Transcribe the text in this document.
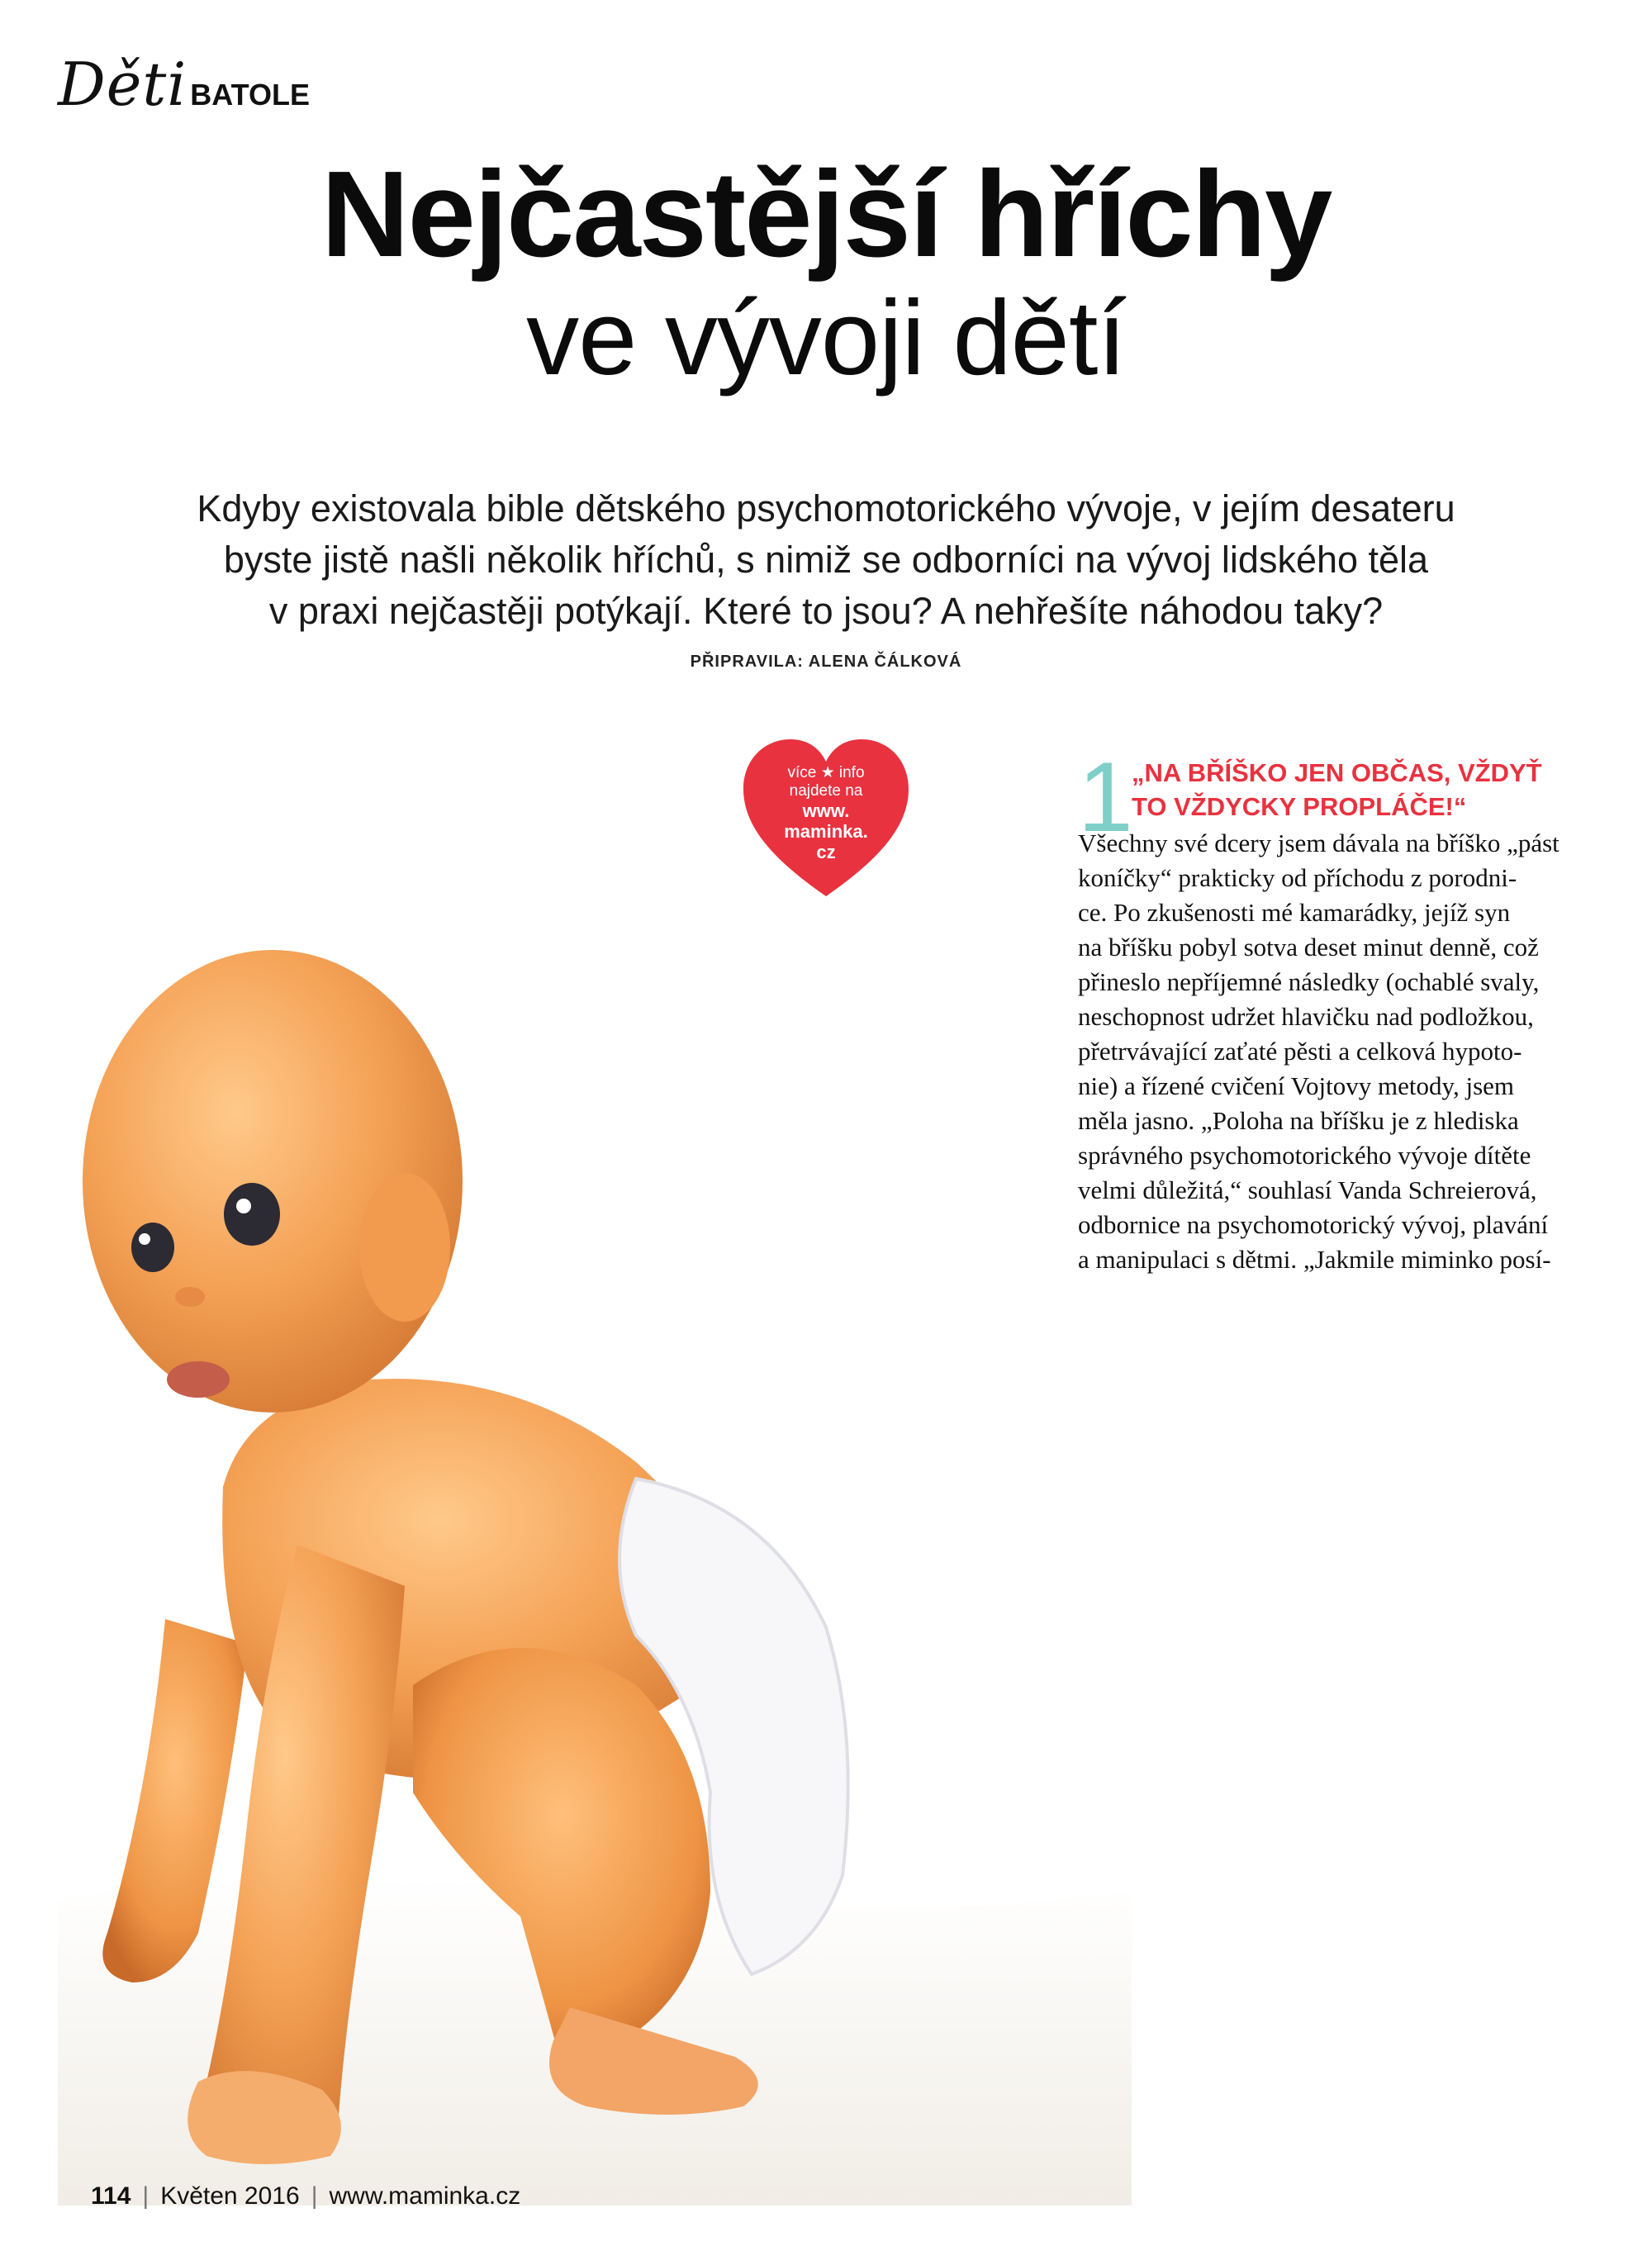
Děti BATOLE
Nejčastější hříchy
ve vývoji dětí
Kdyby existovala bible dětského psychomotorického vývoje, v jejím desateru
byste jistě našli několik hříchů, s nimiž se odborníci na vývoj lidského těla
v praxi nejčastěji potýkají. Které to jsou? A nehřešíte náhodou taky?
PŘIPRAVILA: ALENA ČÁLKOVÁ
více ★ info
najdete na
www.
maminka.
cz	1
„NA BŘÍŠKO JEN OBČAS, VŽDYŤ TO VŽDYCKY PROPLÁČE!“
Všechny své dcery jsem dávala na bříško „pást
koníčky“ prakticky od příchodu z porodni-
ce. Po zkušenosti mé kamarádky, jejíž syn
na bříšku pobyl sotva deset minut denně, což
přineslo nepříjemné následky (ochablé svaly,
neschopnost udržet hlavičku nad podložkou,
přetrvávající zaťaté pěsti a celková hypoto-
nie) a řízené cvičení Vojtovy metody, jsem
měla jasno. „Poloha na bříšku je z hlediska
správného psychomotorického vývoje dítěte
velmi důležitá,“ souhlasí Vanda Schreierová,
odbornice na psychomotorický vývoj, plavání
a manipulaci s dětmi. „Jakmile miminko posí-
114 | Květen 2016 | www.maminka.cz
